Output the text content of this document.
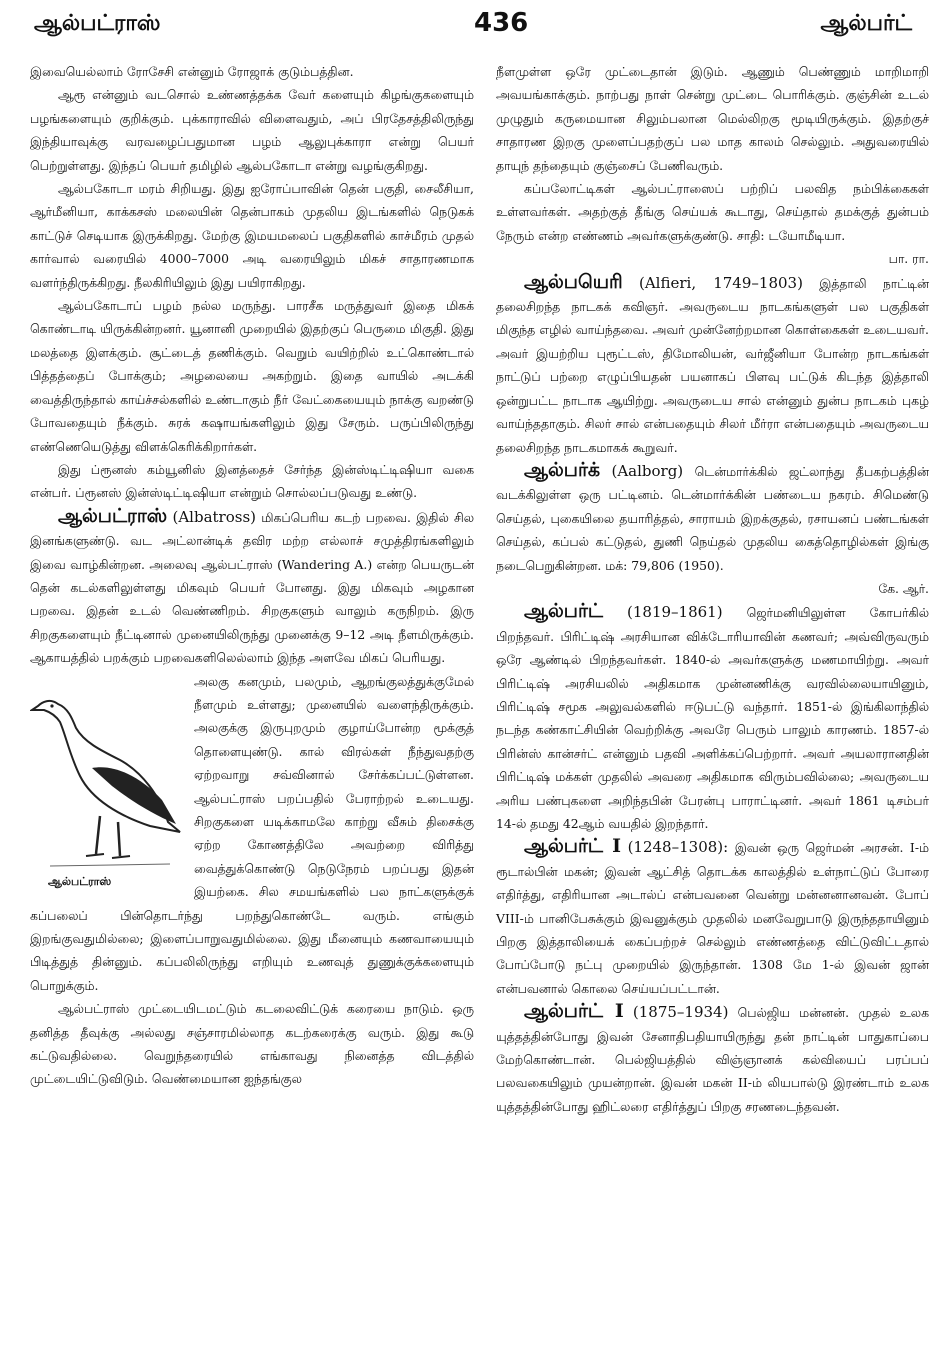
ஆல்பட்ராஸ்	436	ஆல்பர்ட்

இவையெல்லாம் ரோசேசி என்னும் ரோஜாக் குடும்பத்தின.

ஆரூ என்னும் வடசொல் உண்ணத்தக்க வேர் களையும் கிழங்குகளையும் பழங்களையும் குறிக்கும். புக்காராவில் விளைவதும், அப் பிரதேசத்திலிருந்து இந்தியாவுக்கு வரவழைப்பதுமான பழம் ஆலுபுக்காரா என்று பெயர் பெற்றுள்ளது. இந்தப் பெயர் தமிழில் ஆல்பகோடா என்று வழங்குகிறது.

ஆல்பகோடா மரம் சிறியது. இது ஐரோப்பாவின் தென் பகுதி, சைலீசியா, ஆர்மீனியா, காக்கசஸ் மலையின் தென்பாகம் முதலிய இடங்களில் நெடுகக் காட்டுச் செடியாக இருக்கிறது. மேற்கு இமயமலைப் பகுதிகளில் காச்மீரம் முதல் கார்வால் வரையில் 4000–7000 அடி வரையிலும் மிகச் சாதாரணமாக வளர்ந்திருக்கிறது. நீலகிரியிலும் இது பயிராகிறது.

ஆல்பகோடாப் பழம் நல்ல மருந்து. பாரசீக மருத்துவர் இதை மிகக் கொண்டாடி யிருக்கின்றனர். யூனானி முறையில் இதற்குப் பெருமை மிகுதி. இது மலத்தை இளக்கும். சூட்டைத் தணிக்கும். வெறும் வயிற்றில் உட்கொண்டால் பித்தத்தைப் போக்கும்; அழலையை அகற்றும். இதை வாயில் அடக்கி வைத்திருந்தால் காய்ச்சல்களில் உண்டாகும் நீர் வேட்கையையும் நாக்கு வறண்டு போவதையும் நீக்கும். சுரக் கஷாயங்களிலும் இது சேரும். பருப்பிலிருந்து எண்ணெயெடுத்து விளக்கெரிக்கிறார்கள்.

இது ப்ரூனஸ் கம்யூனிஸ் இனத்தைச் சேர்ந்த இன்ஸ்டிட்டிஷியா வகை என்பர். ப்ரூனஸ் இன்ஸ்டிட்டிஷியா என்றும் சொல்லப்படுவது உண்டு.

ஆல்பட்ராஸ் (Albatross) மிகப்பெரிய கடற் பறவை. இதில் சில இனங்களுண்டு. வட அட்லான்டிக் தவிர மற்ற எல்லாச் சமுத்திரங்களிலும் இவை வாழ்கின்றன. அலைவு ஆல்பட்ராஸ் (Wandering A.) என்ற பெயருடன் தென் கடல்களிலுள்ளது மிகவும் பெயர் போனது. இது மிகவும் அழகான பறவை. இதன் உடல் வெண்ணிறம். சிறகுகளும் வாலும் கருநிறம். இரு சிறகுகளையும் நீட்டினால் முனையிலிருந்து முனைக்கு 9–12 அடி நீளமிருக்கும். ஆகாயத்தில் பறக்கும் பறவைகளிலெல்லாம் இந்த அளவே மிகப் பெரியது.

ஆல்பட்ராஸ்

அலகு கனமும், பலமும், ஆறங்குலத்துக்குமேல் நீளமும் உள்ளது; முனையில் வளைந்திருக்கும். அலகுக்கு இருபுறமும் குழாய்போன்ற மூக்குத் தொளையுண்டு. கால் விரல்கள் நீந்துவதற்கு ஏற்றவாறு சவ்வினால் சேர்க்கப்பட்டுள்ளன. ஆல்பட்ராஸ் பறப்பதில் பேராற்றல் உடையது. சிறகுகளை யடிக்காமலே காற்று வீசும் திசைக்கு ஏற்ற கோணத்திலே அவற்றை விரித்து வைத்துக்கொண்டு நெடுநேரம் பறப்பது இதன் இயற்கை. சில சமயங்களில் பல நாட்களுக்குக் கப்பலைப் பின்தொடர்ந்து பறந்துகொண்டே வரும். எங்கும் இறங்குவதுமில்லை; இளைப்பாறுவதுமில்லை. இது மீனையும் கணவாயையும் பிடித்துத் தின்னும். கப்பலிலிருந்து எறியும் உணவுத் துணுக்குக்களையும் பொறுக்கும்.

ஆல்பட்ராஸ் முட்டையிடமட்டும் கடலைவிட்டுக் கரையை நாடும். ஒரு தனித்த தீவுக்கு அல்லது சஞ்சாரமில்லாத கடற்கரைக்கு வரும். இது கூடு கட்டுவதில்லை. வெறுந்தரையில் எங்காவது நினைத்த விடத்தில் முட்டையிட்டுவிடும். வெண்மையான ஐந்தங்குல

நீளமுள்ள ஒரே முட்டைதான் இடும். ஆணும் பெண்ணும் மாறிமாறி அவயங்காக்கும். நாற்பது நாள் சென்று முட்டை பொரிக்கும். குஞ்சின் உடல் முழுதும் கருமையான சிலும்பலான மெல்லிறகு மூடியிருக்கும். இதற்குச் சாதாரண இறகு முளைப்பதற்குப் பல மாத காலம் செல்லும். அதுவரையில் தாயுந் தந்தையும் குஞ்சைப் பேணிவரும்.

கப்பலோட்டிகள் ஆல்பட்ராஸைப் பற்றிப் பலவித நம்பிக்கைகள் உள்ளவர்கள். அதற்குத் தீங்கு செய்யக் கூடாது, செய்தால் தமக்குத் துன்பம் நேரும் என்ற எண்ணம் அவர்களுக்குண்டு. சாதி: டயோமீடியா.
பா. ரா.

ஆல்பயெரி (Alfieri, 1749–1803) இத்தாலி நாட்டின் தலைசிறந்த நாடகக் கவிஞர். அவருடைய நாடகங்களுள் பல பகுதிகள் மிகுந்த எழில் வாய்ந்தவை. அவர் முன்னேற்றமான கொள்கைகள் உடையவர். அவர் இயற்றிய புரூட்டஸ், திமோலியன், வர்ஜீனியா போன்ற நாடகங்கள் நாட்டுப் பற்றை எழுப்பியதன் பயனாகப் பிளவு பட்டுக் கிடந்த இத்தாலி ஒன்றுபட்ட நாடாக ஆயிற்று. அவருடைய சால் என்னும் துன்ப நாடகம் புகழ் வாய்ந்ததாகும். சிலர் சால் என்பதையும் சிலர் மீர்ரா என்பதையும் அவருடைய தலைசிறந்த நாடகமாகக் கூறுவர்.

ஆல்பர்க் (Aalborg) டென்மார்க்கில் ஜட்லாந்து தீபகற்பத்தின் வடக்கிலுள்ள ஒரு பட்டினம். டென்மார்க்கின் பண்டைய நகரம். சிமெண்டு செய்தல், புகையிலை தயாரித்தல், சாராயம் இறக்குதல், ரசாயனப் பண்டங்கள் செய்தல், கப்பல் கட்டுதல், துணி நெய்தல் முதலிய கைத்தொழில்கள் இங்கு நடைபெறுகின்றன. மக்: 79,806 (1950).
கே. ஆர்.

ஆல்பர்ட் (1819–1861) ஜெர்மனியிலுள்ள கோபர்கில் பிறந்தவர். பிரிட்டிஷ் அரசியான விக்டோரியாவின் கணவர்; அவ்விருவரும் ஒரே ஆண்டில் பிறந்தவர்கள். 1840-ல் அவர்களுக்கு மணமாயிற்று. அவர் பிரிட்டிஷ் அரசியலில் அதிகமாக முன்னணிக்கு வரவில்லையாயினும், பிரிட்டிஷ் சமூக அலுவல்களில் ஈடுபட்டு வந்தார். 1851-ல் இங்கிலாந்தில் நடந்த கண்காட்சியின் வெற்றிக்கு அவரே பெரும் பாலும் காரணம். 1857-ல் பிரின்ஸ் கான்சர்ட் என்னும் பதவி அளிக்கப்பெற்றார். அவர் அயலாரானதின் பிரிட்டிஷ் மக்கள் முதலில் அவரை அதிகமாக விரும்பவில்லை; அவருடைய அரிய பண்புகளை அறிந்தபின் பேரன்பு பாராட்டினர். அவர் 1861 டிசம்பர் 14-ல் தமது 42ஆம் வயதில் இறந்தார்.

ஆல்பர்ட் I (1248–1308): இவன் ஒரு ஜெர்மன் அரசன். I-ம் ரூடால்பின் மகன்; இவன் ஆட்சித் தொடக்க காலத்தில் உள்நாட்டுப் போரை எதிர்த்து, எதிரியான அடால்ப் என்பவனை வென்று மன்னனானவன். போப் VIII-ம் பானிபேசுக்கும் இவனுக்கும் முதலில் மனவேறுபாடு இருந்ததாயினும் பிறகு இத்தாலியைக் கைப்பற்றச் செல்லும் எண்ணத்தை விட்டுவிட்டதால் போப்போடு நட்பு முறையில் இருந்தான். 1308 மே 1-ல் இவன் ஜான் என்பவனால் கொலை செய்யப்பட்டான்.

ஆல்பர்ட் I (1875–1934) பெல்ஜிய மன்னன். முதல் உலக யுத்தத்தின்போது இவன் சேனாதிபதியாயிருந்து தன் நாட்டின் பாதுகாப்பை மேற்கொண்டான். பெல்ஜியத்தில் விஞ்ஞானக் கல்வியைப் பரப்பப் பலவகையிலும் முயன்றான். இவன் மகன் II-ம் லியபால்டு இரண்டாம் உலக யுத்தத்தின்போது ஹிட்லரை எதிர்த்துப் பிறகு சரணடைந்தவன்.
